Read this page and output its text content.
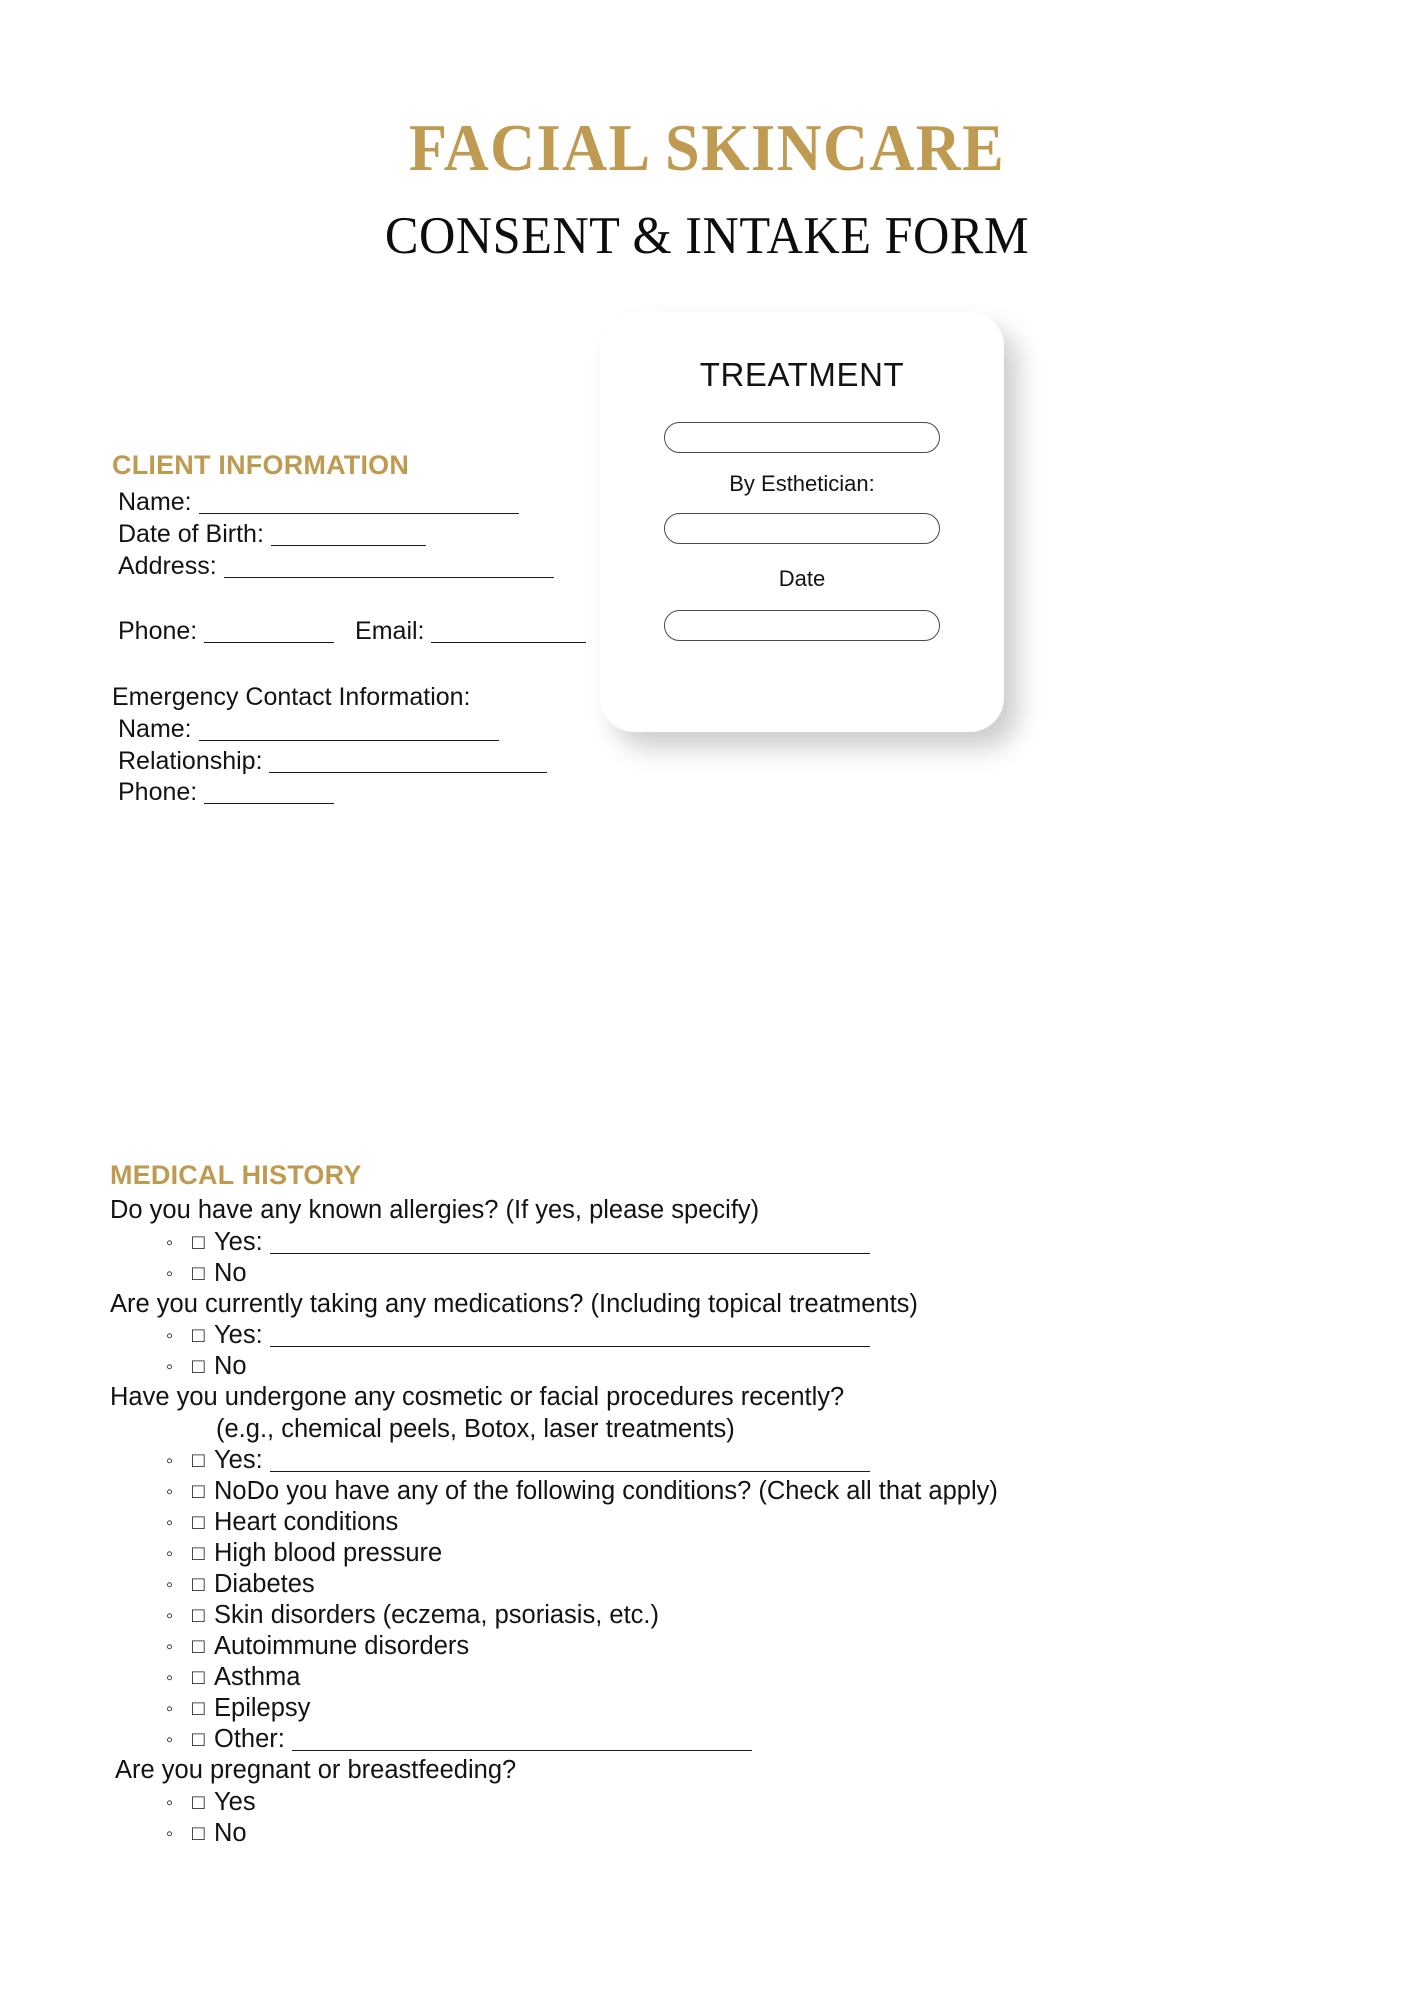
FACIAL SKINCARE
CONSENT & INTAKE FORM
CLIENT INFORMATION
Name:
Date of Birth:
Address:
Phone:	Email:
Emergency Contact Information:
Name:
Relationship:
Phone:
TREATMENT
By Esthetician:
Date
MEDICAL HISTORY
Do you have any known allergies? (If yes, please specify)
◦ □ Yes:
◦ □ No
Are you currently taking any medications? (Including topical treatments)
◦ □ Yes:
◦ □ No
Have you undergone any cosmetic or facial procedures recently?
(e.g., chemical peels, Botox, laser treatments)
◦ □ Yes:
◦ □ NoDo you have any of the following conditions? (Check all that apply)
◦ □ Heart conditions
◦ □ High blood pressure
◦ □ Diabetes
◦ □ Skin disorders (eczema, psoriasis, etc.)
◦ □ Autoimmune disorders
◦ □ Asthma
◦ □ Epilepsy
◦ □ Other:
Are you pregnant or breastfeeding?
◦ □ Yes
◦ □ No
